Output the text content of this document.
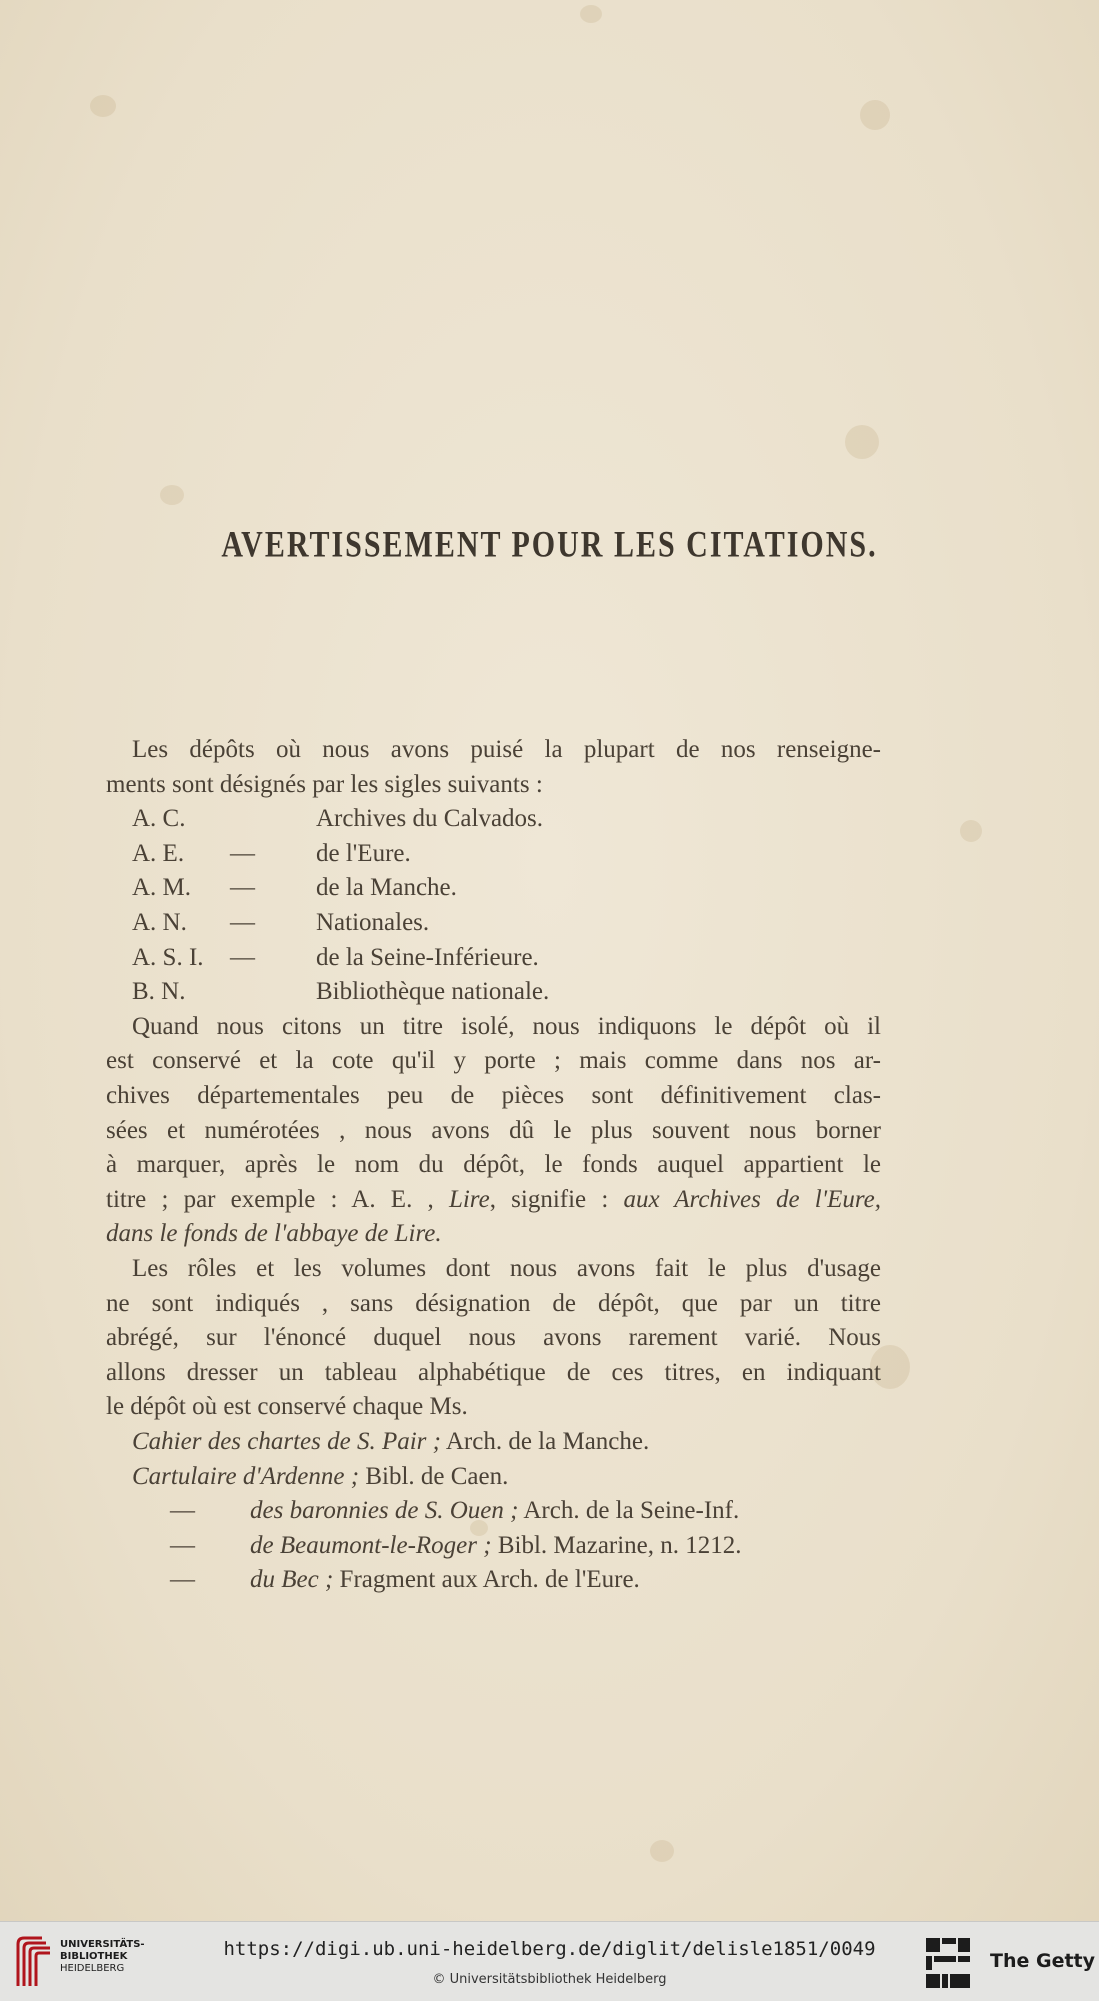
AVERTISSEMENT POUR LES CITATIONS.
Les dépôts où nous avons puisé la plupart de nos renseigne-
ments sont désignés par les sigles suivants :
A. C.	Archives du Calvados.
A. E. — de l'Eure.
A. M. — de la Manche.
A. N. — Nationales.
A. S. I. — de la Seine-Inférieure.
B. N.	Bibliothèque nationale.
Quand nous citons un titre isolé, nous indiquons le dépôt où il
est conservé et la cote qu'il y porte ; mais comme dans nos ar-
chives départementales peu de pièces sont définitivement clas-
sées et numérotées , nous avons dû le plus souvent nous borner
à marquer, après le nom du dépôt, le fonds auquel appartient le
titre ; par exemple : A. E. , Lire, signifie : aux Archives de l'Eure,
dans le fonds de l'abbaye de Lire.
Les rôles et les volumes dont nous avons fait le plus d'usage
ne sont indiqués , sans désignation de dépôt, que par un titre
abrégé, sur l'énoncé duquel nous avons rarement varié. Nous
allons dresser un tableau alphabétique de ces titres, en indiquant
le dépôt où est conservé chaque Ms.
Cahier des chartes de S. Pair ; Arch. de la Manche.
Cartulaire d'Ardenne ; Bibl. de Caen.
— des baronnies de S. Ouen ; Arch. de la Seine-Inf.
— de Beaumont-le-Roger ; Bibl. Mazarine, n. 1212.
— du Bec ; Fragment aux Arch. de l'Eure.
UNIVERSITÄTS-
BIBLIOTHEK
HEIDELBERG
https://digi.ub.uni-heidelberg.de/diglit/delisle1851/0049
© Universitätsbibliothek Heidelberg
The Getty
